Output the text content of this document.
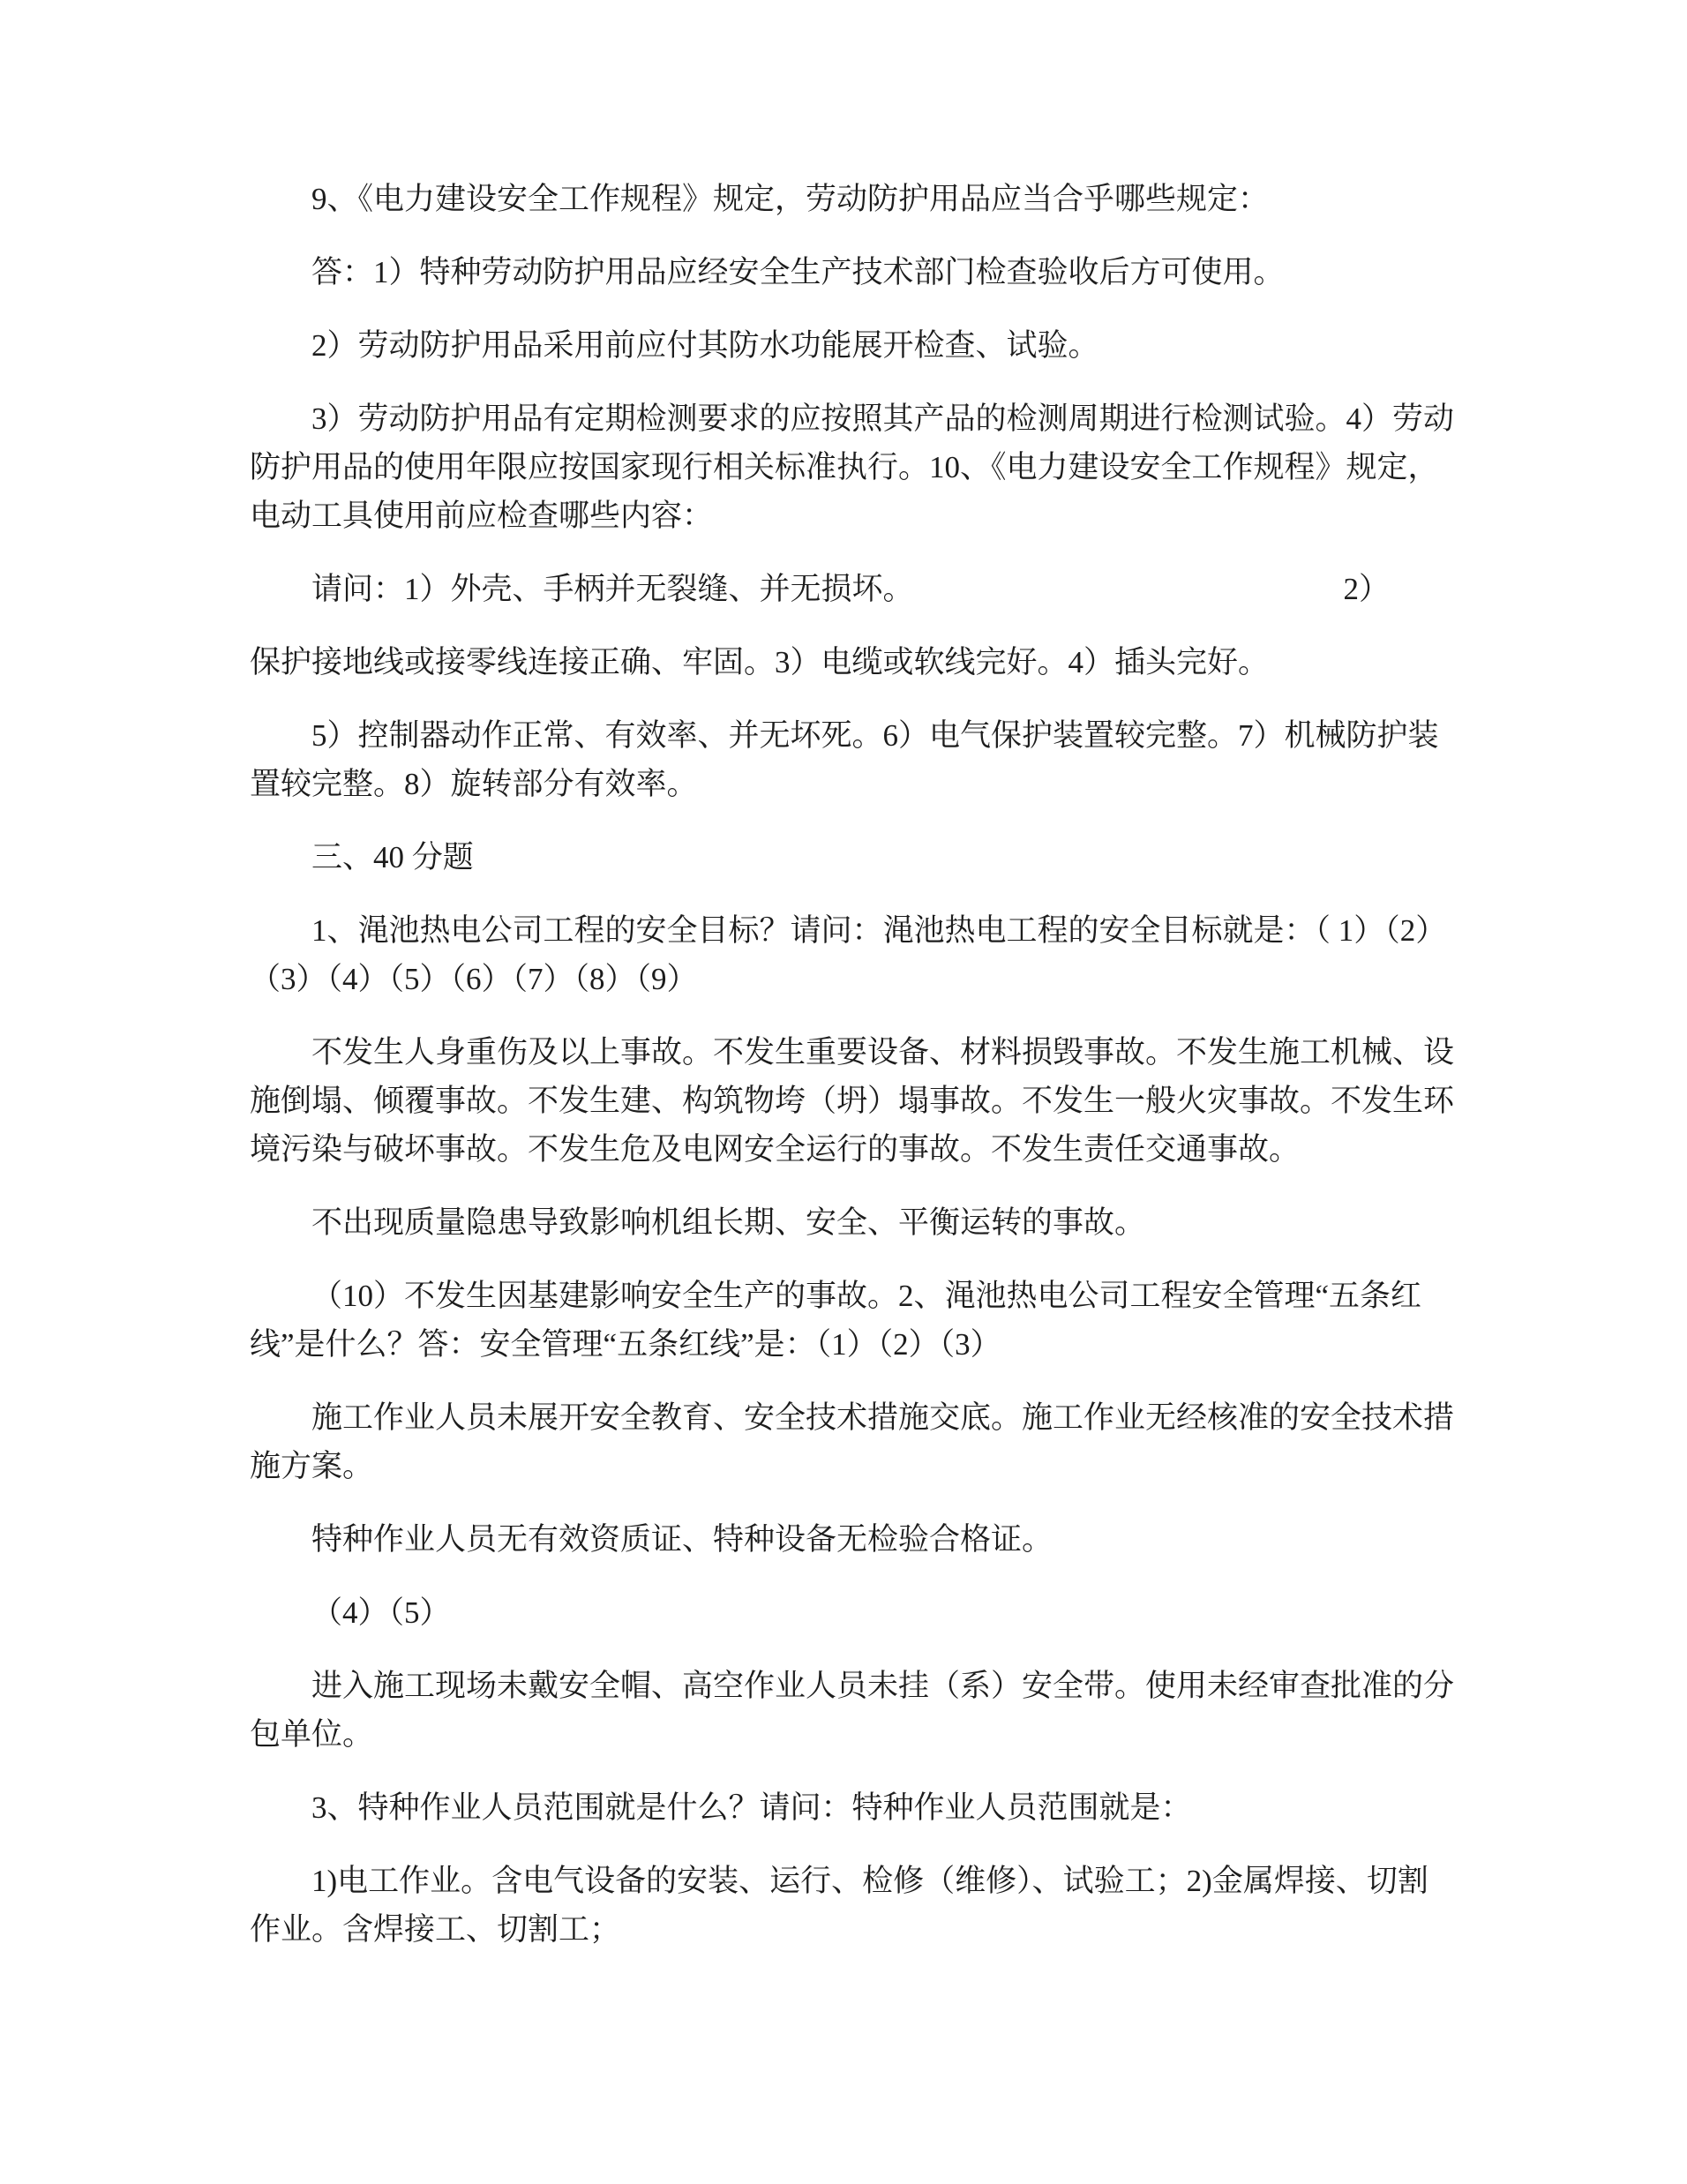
9、《电力建设安全工作规程》规定，劳动防护用品应当合乎哪些规定：
答：1）特种劳动防护用品应经安全生产技术部门检查验收后方可使用。
2）劳动防护用品采用前应付其防水功能展开检查、试验。
3）劳动防护用品有定期检测要求的应按照其产品的检测周期进行检测试验。4）劳动
防护用品的使用年限应按国家现行相关标准执行。10、《电力建设安全工作规程》规定，
电动工具使用前应检查哪些内容：
请问：1）外壳、手柄并无裂缝、并无损坏。	2）
保护接地线或接零线连接正确、牢固。3）电缆或软线完好。4）插头完好。
5）控制器动作正常、有效率、并无坏死。6）电气保护装置较完整。7）机械防护装
置较完整。8）旋转部分有效率。
三、40 分题
1、渑池热电公司工程的安全目标？请问：渑池热电工程的安全目标就是：（ 1）（2）
（3）（4）（5）（6）（7）（8）（9）
不发生人身重伤及以上事故。不发生重要设备、材料损毁事故。不发生施工机械、设
施倒塌、倾覆事故。不发生建、构筑物垮（坍）塌事故。不发生一般火灾事故。不发生环
境污染与破坏事故。不发生危及电网安全运行的事故。不发生责任交通事故。
不出现质量隐患导致影响机组长期、安全、平衡运转的事故。
（10）不发生因基建影响安全生产的事故。2、渑池热电公司工程安全管理“五条红
线”是什么？答：安全管理“五条红线”是：（1）（2）（3）
施工作业人员未展开安全教育、安全技术措施交底。施工作业无经核准的安全技术措
施方案。
特种作业人员无有效资质证、特种设备无检验合格证。
（4）（5）
进入施工现场未戴安全帽、高空作业人员未挂（系）安全带。使用未经审查批准的分
包单位。
3、特种作业人员范围就是什么？请问：特种作业人员范围就是：
1)电工作业。含电气设备的安装、运行、检修（维修）、试验工；2)金属焊接、切割
作业。含焊接工、切割工；
